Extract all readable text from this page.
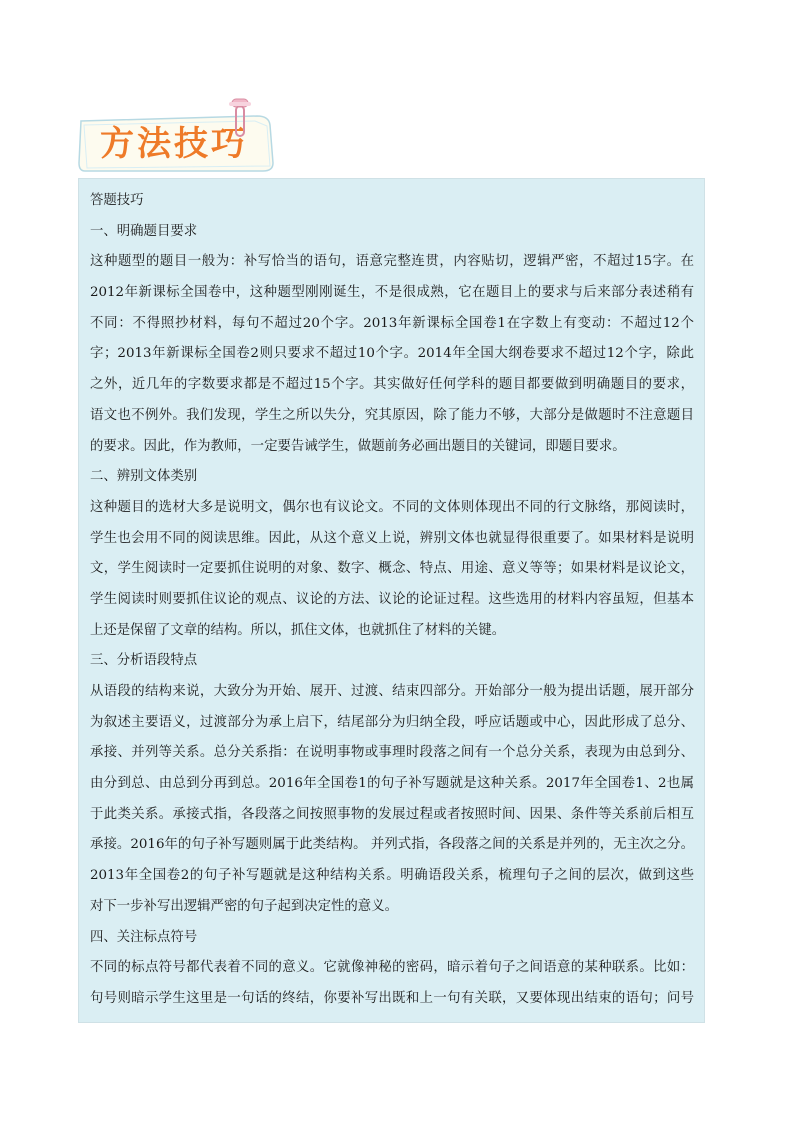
方法技巧
答题技巧
一、明确题目要求
这种题型的题目一般为：补写恰当的语句，语意完整连贯，内容贴切，逻辑严密，不超过15字。在
2012年新课标全国卷中，这种题型刚刚诞生，不是很成熟，它在题目上的要求与后来部分表述稍有
不同：不得照抄材料，每句不超过20个字。2013年新课标全国卷1在字数上有变动：不超过12个
字；2013年新课标全国卷2则只要求不超过10个字。2014年全国大纲卷要求不超过12个字，除此
之外，近几年的字数要求都是不超过15个字。其实做好任何学科的题目都要做到明确题目的要求，
语文也不例外。我们发现，学生之所以失分，究其原因，除了能力不够，大部分是做题时不注意题目
的要求。因此，作为教师，一定要告诫学生，做题前务必画出题目的关键词，即题目要求。
二、辨别文体类别
这种题目的选材大多是说明文，偶尔也有议论文。不同的文体则体现出不同的行文脉络，那阅读时，
学生也会用不同的阅读思维。因此，从这个意义上说，辨别文体也就显得很重要了。如果材料是说明
文，学生阅读时一定要抓住说明的对象、数字、概念、特点、用途、意义等等；如果材料是议论文，
学生阅读时则要抓住议论的观点、议论的方法、议论的论证过程。这些选用的材料内容虽短，但基本
上还是保留了文章的结构。所以，抓住文体，也就抓住了材料的关键。
三、分析语段特点
从语段的结构来说，大致分为开始、展开、过渡、结束四部分。开始部分一般为提出话题，展开部分
为叙述主要语义，过渡部分为承上启下，结尾部分为归纳全段，呼应话题或中心，因此形成了总分、
承接、并列等关系。总分关系指：在说明事物或事理时段落之间有一个总分关系，表现为由总到分、
由分到总、由总到分再到总。2016年全国卷1的句子补写题就是这种关系。2017年全国卷1、2也属
于此类关系。承接式指，各段落之间按照事物的发展过程或者按照时间、因果、条件等关系前后相互
承接。2016年的句子补写题则属于此类结构。 并列式指，各段落之间的关系是并列的，无主次之分。
2013年全国卷2的句子补写题就是这种结构关系。明确语段关系，梳理句子之间的层次，做到这些
对下一步补写出逻辑严密的句子起到决定性的意义。
四、关注标点符号
不同的标点符号都代表着不同的意义。它就像神秘的密码，暗示着句子之间语意的某种联系。比如：
句号则暗示学生这里是一句话的终结，你要补写出既和上一句有关联，又要体现出结束的语句；问号
